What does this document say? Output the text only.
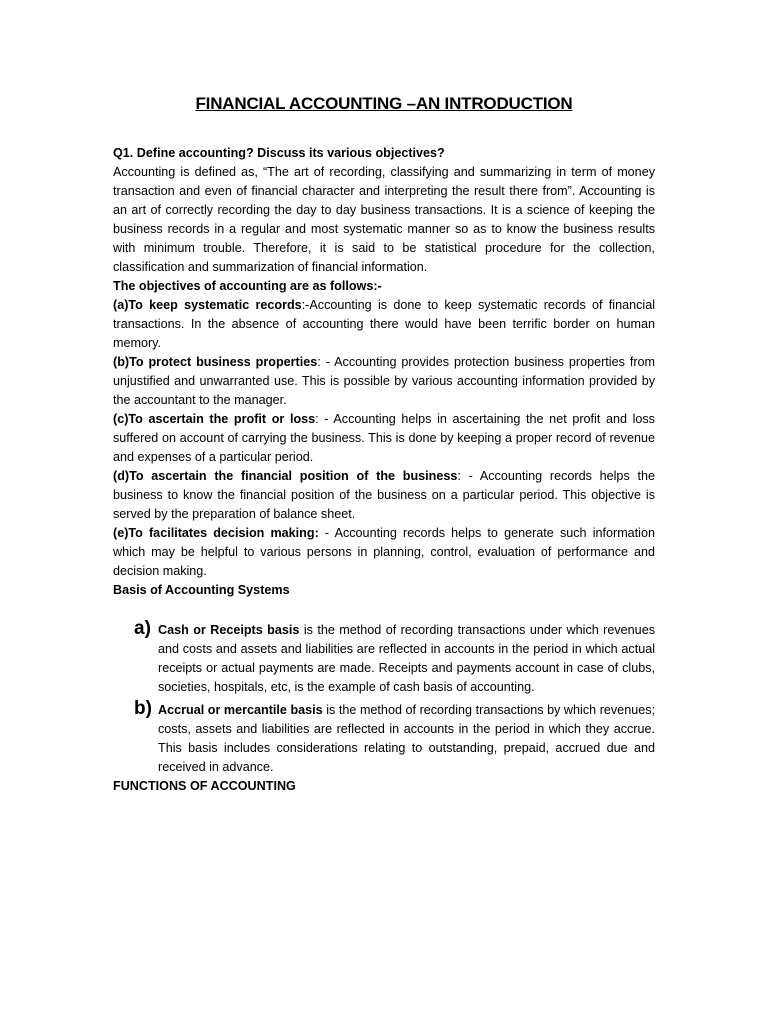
FINANCIAL ACCOUNTING –AN INTRODUCTION

Q1. Define accounting? Discuss its various objectives?

Accounting is defined as, “The art of recording, classifying and summarizing in term of money transaction and even of financial character and interpreting the result there from”. Accounting is an art of correctly recording the day to day business transactions. It is a science of keeping the business records in a regular and most systematic manner so as to know the business results with minimum trouble. Therefore, it is said to be statistical procedure for the collection, classification and summarization of financial information.

The objectives of accounting are as follows:-

(a)To keep systematic records:-Accounting is done to keep systematic records of financial transactions. In the absence of accounting there would have been terrific border on human memory.

(b)To protect business properties: - Accounting provides protection business properties from unjustified and unwarranted use. This is possible by various accounting information provided by the accountant to the manager.

(c)To ascertain the profit or loss: - Accounting helps in ascertaining the net profit and loss suffered on account of carrying the business. This is done by keeping a proper record of revenue and expenses of a particular period.

(d)To ascertain the financial position of the business: - Accounting records helps the business to know the financial position of the business on a particular period. This objective is served by the preparation of balance sheet.

(e)To facilitates decision making: - Accounting records helps to generate such information which may be helpful to various persons in planning, control, evaluation of performance and decision making.

Basis of Accounting Systems

a) Cash or Receipts basis is the method of recording transactions under which revenues and costs and assets and liabilities are reflected in accounts in the period in which actual receipts or actual payments are made. Receipts and payments account in case of clubs, societies, hospitals, etc, is the example of cash basis of accounting.
b) Accrual or mercantile basis is the method of recording transactions by which revenues; costs, assets and liabilities are reflected in accounts in the period in which they accrue. This basis includes considerations relating to outstanding, prepaid, accrued due and received in advance.

FUNCTIONS OF ACCOUNTING
